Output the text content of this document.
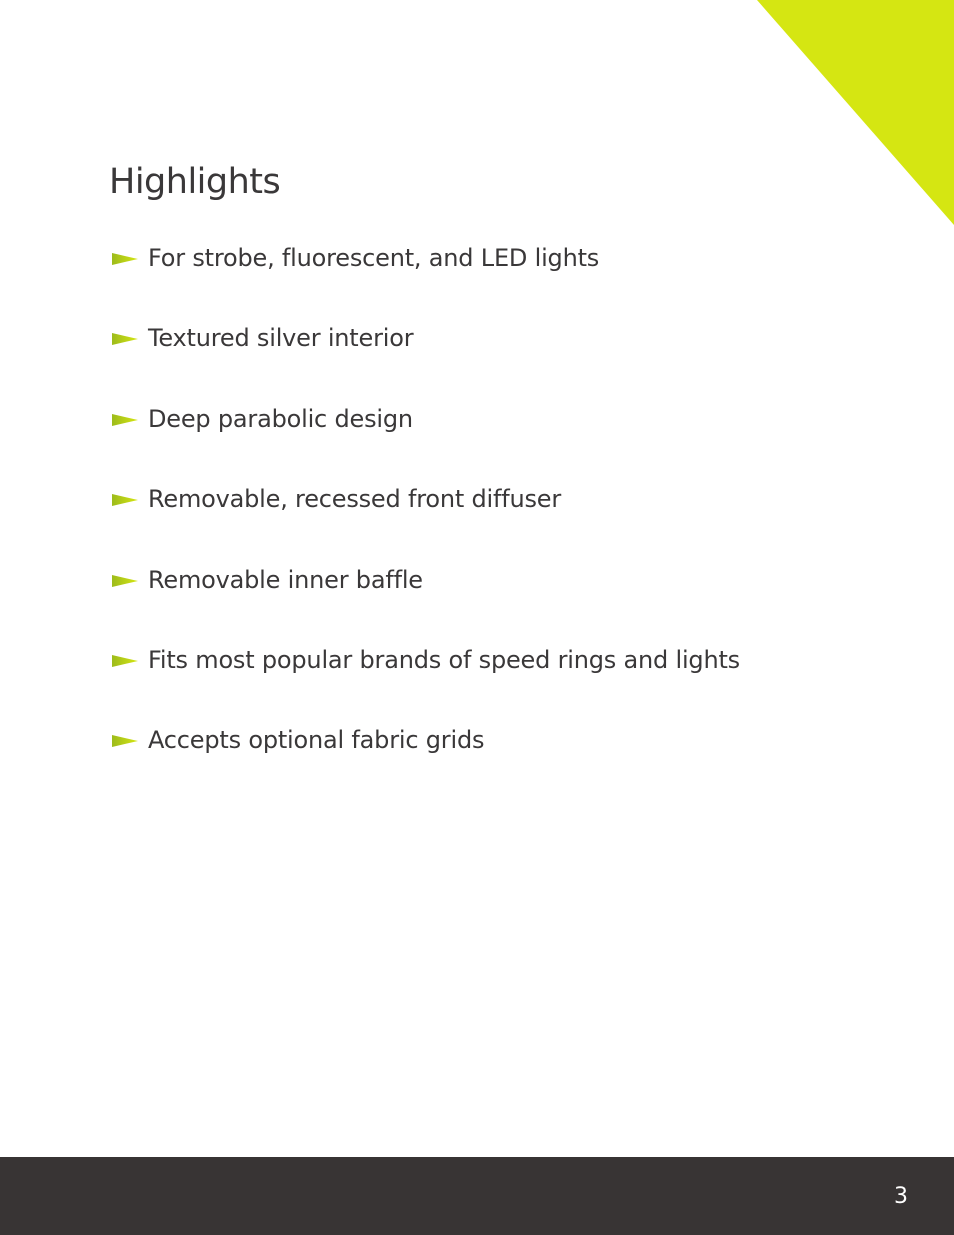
Highlights
For strobe, fluorescent, and LED lights
Textured silver interior
Deep parabolic design
Removable, recessed front diffuser
Removable inner baffle
Fits most popular brands of speed rings and lights
Accepts optional fabric grids
3
